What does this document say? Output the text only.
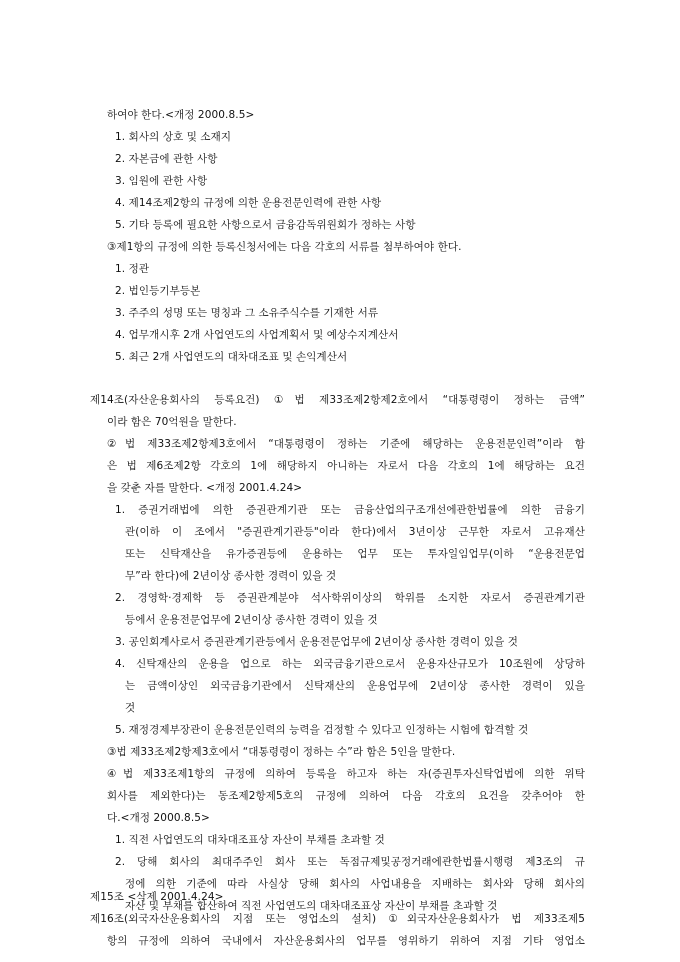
하여야 한다.<개정 2000.8.5>
1. 회사의 상호 및 소재지
2. 자본금에 관한 사항
3. 임원에 관한 사항
4. 제14조제2항의 규정에 의한 운용전문인력에 관한 사항
5. 기타 등록에 필요한 사항으로서 금융감독위원회가 정하는 사항
③제1항의 규정에 의한 등록신청서에는 다음 각호의 서류를 첨부하여야 한다.
1. 정관
2. 법인등기부등본
3. 주주의 성명 또는 명칭과 그 소유주식수를 기재한 서류
4. 업무개시후 2개 사업연도의 사업계획서 및 예상수지계산서
5. 최근 2개 사업연도의 대차대조표 및 손익계산서
제14조(자산운용회사의 등록요건) ①법 제33조제2항제2호에서 “대통령령이 정하는 금액”
이라 함은 70억원을 말한다.
②법 제33조제2항제3호에서 “대통령령이 정하는 기준에 해당하는 운용전문인력”이라 함
은 법 제6조제2항 각호의 1에 해당하지 아니하는 자로서 다음 각호의 1에 해당하는 요건
을 갖춘 자를 말한다. <개정 2001.4.24>
1. 증권거래법에 의한 증권관계기관 또는 금융산업의구조개선에관한법률에 의한 금융기
관(이하 이 조에서 "증권관계기관등"이라 한다)에서 3년이상 근무한 자로서 고유재산
또는 신탁재산을 유가증권등에 운용하는 업무 또는 투자일임업무(이하 “운용전문업
무”라 한다)에 2년이상 종사한 경력이 있을 것
2. 경영학·경제학 등 증권관계분야 석사학위이상의 학위를 소지한 자로서 증권관계기관
등에서 운용전문업무에 2년이상 종사한 경력이 있을 것
3. 공인회계사로서 증권관계기관등에서 운용전문업무에 2년이상 종사한 경력이 있을 것
4. 신탁재산의 운용을 업으로 하는 외국금융기관으로서 운용자산규모가 10조원에 상당하
는 금액이상인 외국금융기관에서 신탁재산의 운용업무에 2년이상 종사한 경력이 있을
것
5. 재정경제부장관이 운용전문인력의 능력을 검정할 수 있다고 인정하는 시험에 합격할 것
③법 제33조제2항제3호에서 “대통령령이 정하는 수”라 함은 5인을 말한다.
④법 제33조제1항의 규정에 의하여 등록을 하고자 하는 자(증권투자신탁업법에 의한 위탁
회사를 제외한다)는 동조제2항제5호의 규정에 의하여 다음 각호의 요건을 갖추어야 한
다.<개정 2000.8.5>
1. 직전 사업연도의 대차대조표상 자산이 부채를 초과할 것
2. 당해 회사의 최대주주인 회사 또는 독점규제및공정거래에관한법률시행령 제3조의 규
정에 의한 기준에 따라 사실상 당해 회사의 사업내용을 지배하는 회사와 당해 회사의
자산 및 부채를 합산하여 직전 사업연도의 대차대조표상 자산이 부채를 초과할 것
제15조 <삭제 2001.4.24>
제16조(외국자산운용회사의 지점 또는 영업소의 설치) ①외국자산운용회사가 법 제33조제5
항의 규정에 의하여 국내에서 자산운용회사의 업무를 영위하기 위하여 지점 기타 영업소
